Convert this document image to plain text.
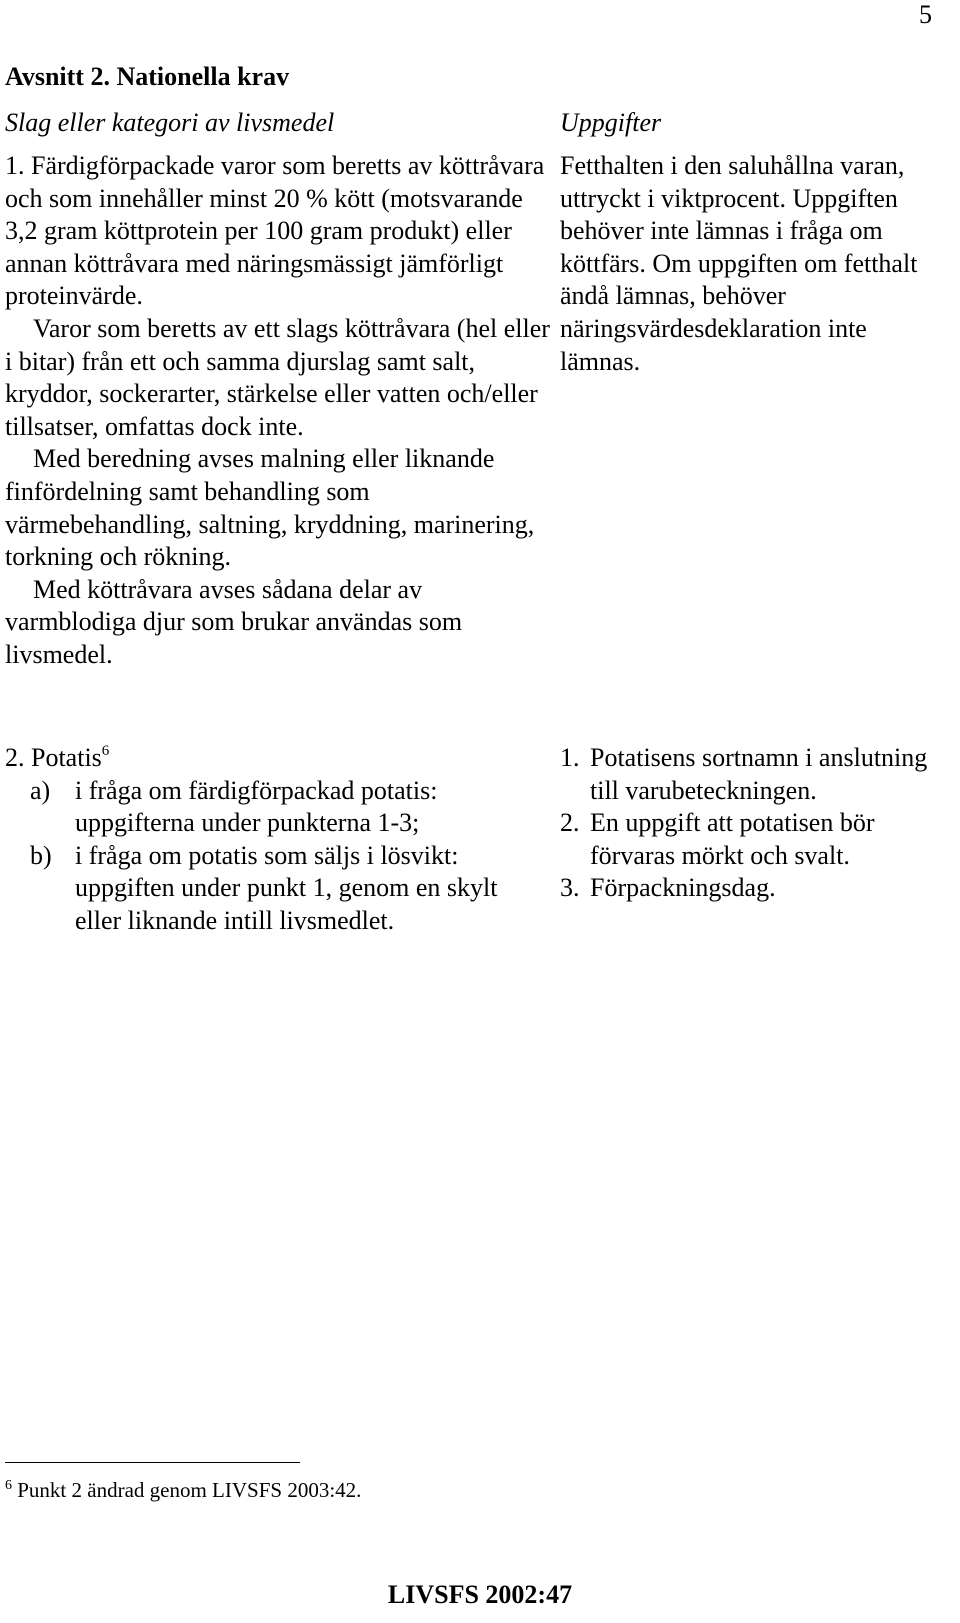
5
Avsnitt 2. Nationella krav
Slag eller kategori av livsmedel	Uppgifter

1. Färdigförpackade varor som beretts av köttråvara och som innehåller minst 20 % kött (motsvarande 3,2 gram köttprotein per 100 gram produkt) eller annan köttråvara med näringsmässigt jämförligt proteinvärde.

Varor som beretts av ett slags köttråvara (hel eller i bitar) från ett och samma djurslag samt salt, kryddor, sockerarter, stärkelse eller vatten och/eller tillsatser, omfattas dock inte.

Med beredning avses malning eller liknande finfördelning samt behandling som värmebehandling, saltning, kryddning, marinering, torkning och rökning.

Med köttråvara avses sådana delar av varmblodiga djur som brukar användas som livsmedel.

Fetthalten i den saluhållna varan, uttryckt i viktprocent. Uppgiften behöver inte lämnas i fråga om köttfärs. Om uppgiften om fetthalt ändå lämnas, behöver näringsvärdesdeklaration inte lämnas.

2. Potatis$^6$

a) i fråga om färdigförpackad potatis: uppgifterna under punkterna 1-3;
b) i fråga om potatis som säljs i lösvikt: uppgiften under punkt 1, genom en skylt eller liknande intill livsmedlet.
1. Potatisens sortnamn i anslutning till varubeteckningen.
2. En uppgift att potatisen bör förvaras mörkt och svalt.
3. Förpackningsdag.
$^6$ Punkt 2 ändrad genom LIVSFS 2003:42.
LIVSFS 2002:47
